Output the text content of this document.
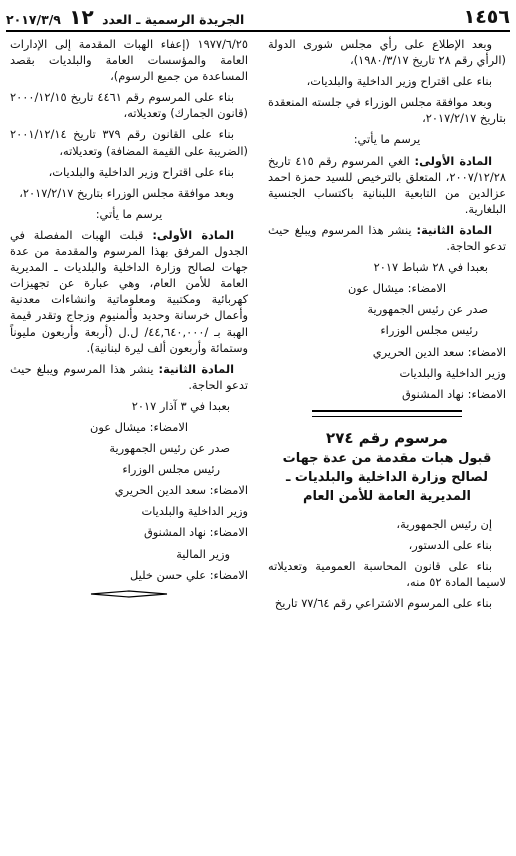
١٤٥٦
الجريدة الرسمية ـ العدد ١٢ ٢٠١٧/٣/٩

وبعد الإطلاع على رأي مجلس شورى الدولة (الرأي رقم ٢٨ تاريخ ١٩٨٠/٣/١٧)،

بناء على اقتراح وزير الداخلية والبلديات،

وبعد موافقة مجلس الوزراء في جلسته المنعقدة بتاريخ ٢٠١٧/٢/١٧،

يرسم ما يأتي:

المادة الأولى: الغي المرسوم رقم ٤١٥ تاريخ ٢٠٠٧/١٢/٢٨، المتعلق بالترخيص للسيد حمزة احمد عزالدين من التابعية اللبنانية باكتساب الجنسية البلغارية.

المادة الثانية: ينشر هذا المرسوم ويبلغ حيث تدعو الحاجة.

بعبدا في ٢٨ شباط ٢٠١٧

الامضاء: ميشال عون

صدر عن رئيس الجمهورية

رئيس مجلس الوزراء

الامضاء: سعد الدين الحريري

وزير الداخلية والبلديات

الامضاء: نهاد المشنوق

مرسوم رقم ٢٧٤
قبول هبات مقدمة من عدة جهات
لصالح وزارة الداخلية والبلديات ـ
المديرية العامة للأمن العام

إن رئيس الجمهورية،

بناء على الدستور،

بناء على قانون المحاسبة العمومية وتعديلاته لاسيما المادة ٥٢ منه،

بناء على المرسوم الاشتراعي رقم ٧٧/٦٤ تاريخ

١٩٧٧/٦/٢٥ (إعفاء الهبات المقدمة إلى الإدارات العامة والمؤسسات العامة والبلديات بقصد المساعدة من جميع الرسوم)،

بناء على المرسوم رقم ٤٤٦١ تاريخ ٢٠٠٠/١٢/١٥ (قانون الجمارك) وتعديلاته،

بناء على القانون رقم ٣٧٩ تاريخ ٢٠٠١/١٢/١٤ (الضريبة على القيمة المضافة) وتعديلاته،

بناء على اقتراح وزير الداخلية والبلديات،

وبعد موافقة مجلس الوزراء بتاريخ ٢٠١٧/٢/١٧،

يرسم ما يأتي:

المادة الأولى: قبلت الهبات المفصلة في الجدول المرفق بهذا المرسوم والمقدمة من عدة جهات لصالح وزارة الداخلية والبلديات ـ المديرية العامة للأمن العام، وهي عبارة عن تجهيزات كهربائية ومكتبية ومعلوماتية وانشاءات معدنية وأعمال خرسانة وحديد وألمنيوم وزجاج وتقدر قيمة الهبة بـ /٤٤,٦٤٠,٠٠٠/ ل.ل (أربعة وأربعون مليوناً وستمائة وأربعون ألف ليرة لبنانية).

المادة الثانية: ينشر هذا المرسوم ويبلغ حيث تدعو الحاجة.

بعبدا في ٣ آذار ٢٠١٧

الامضاء: ميشال عون

صدر عن رئيس الجمهورية

رئيس مجلس الوزراء

الامضاء: سعد الدين الحريري

وزير الداخلية والبلديات

الامضاء: نهاد المشنوق

وزير المالية

الامضاء: علي حسن خليل
